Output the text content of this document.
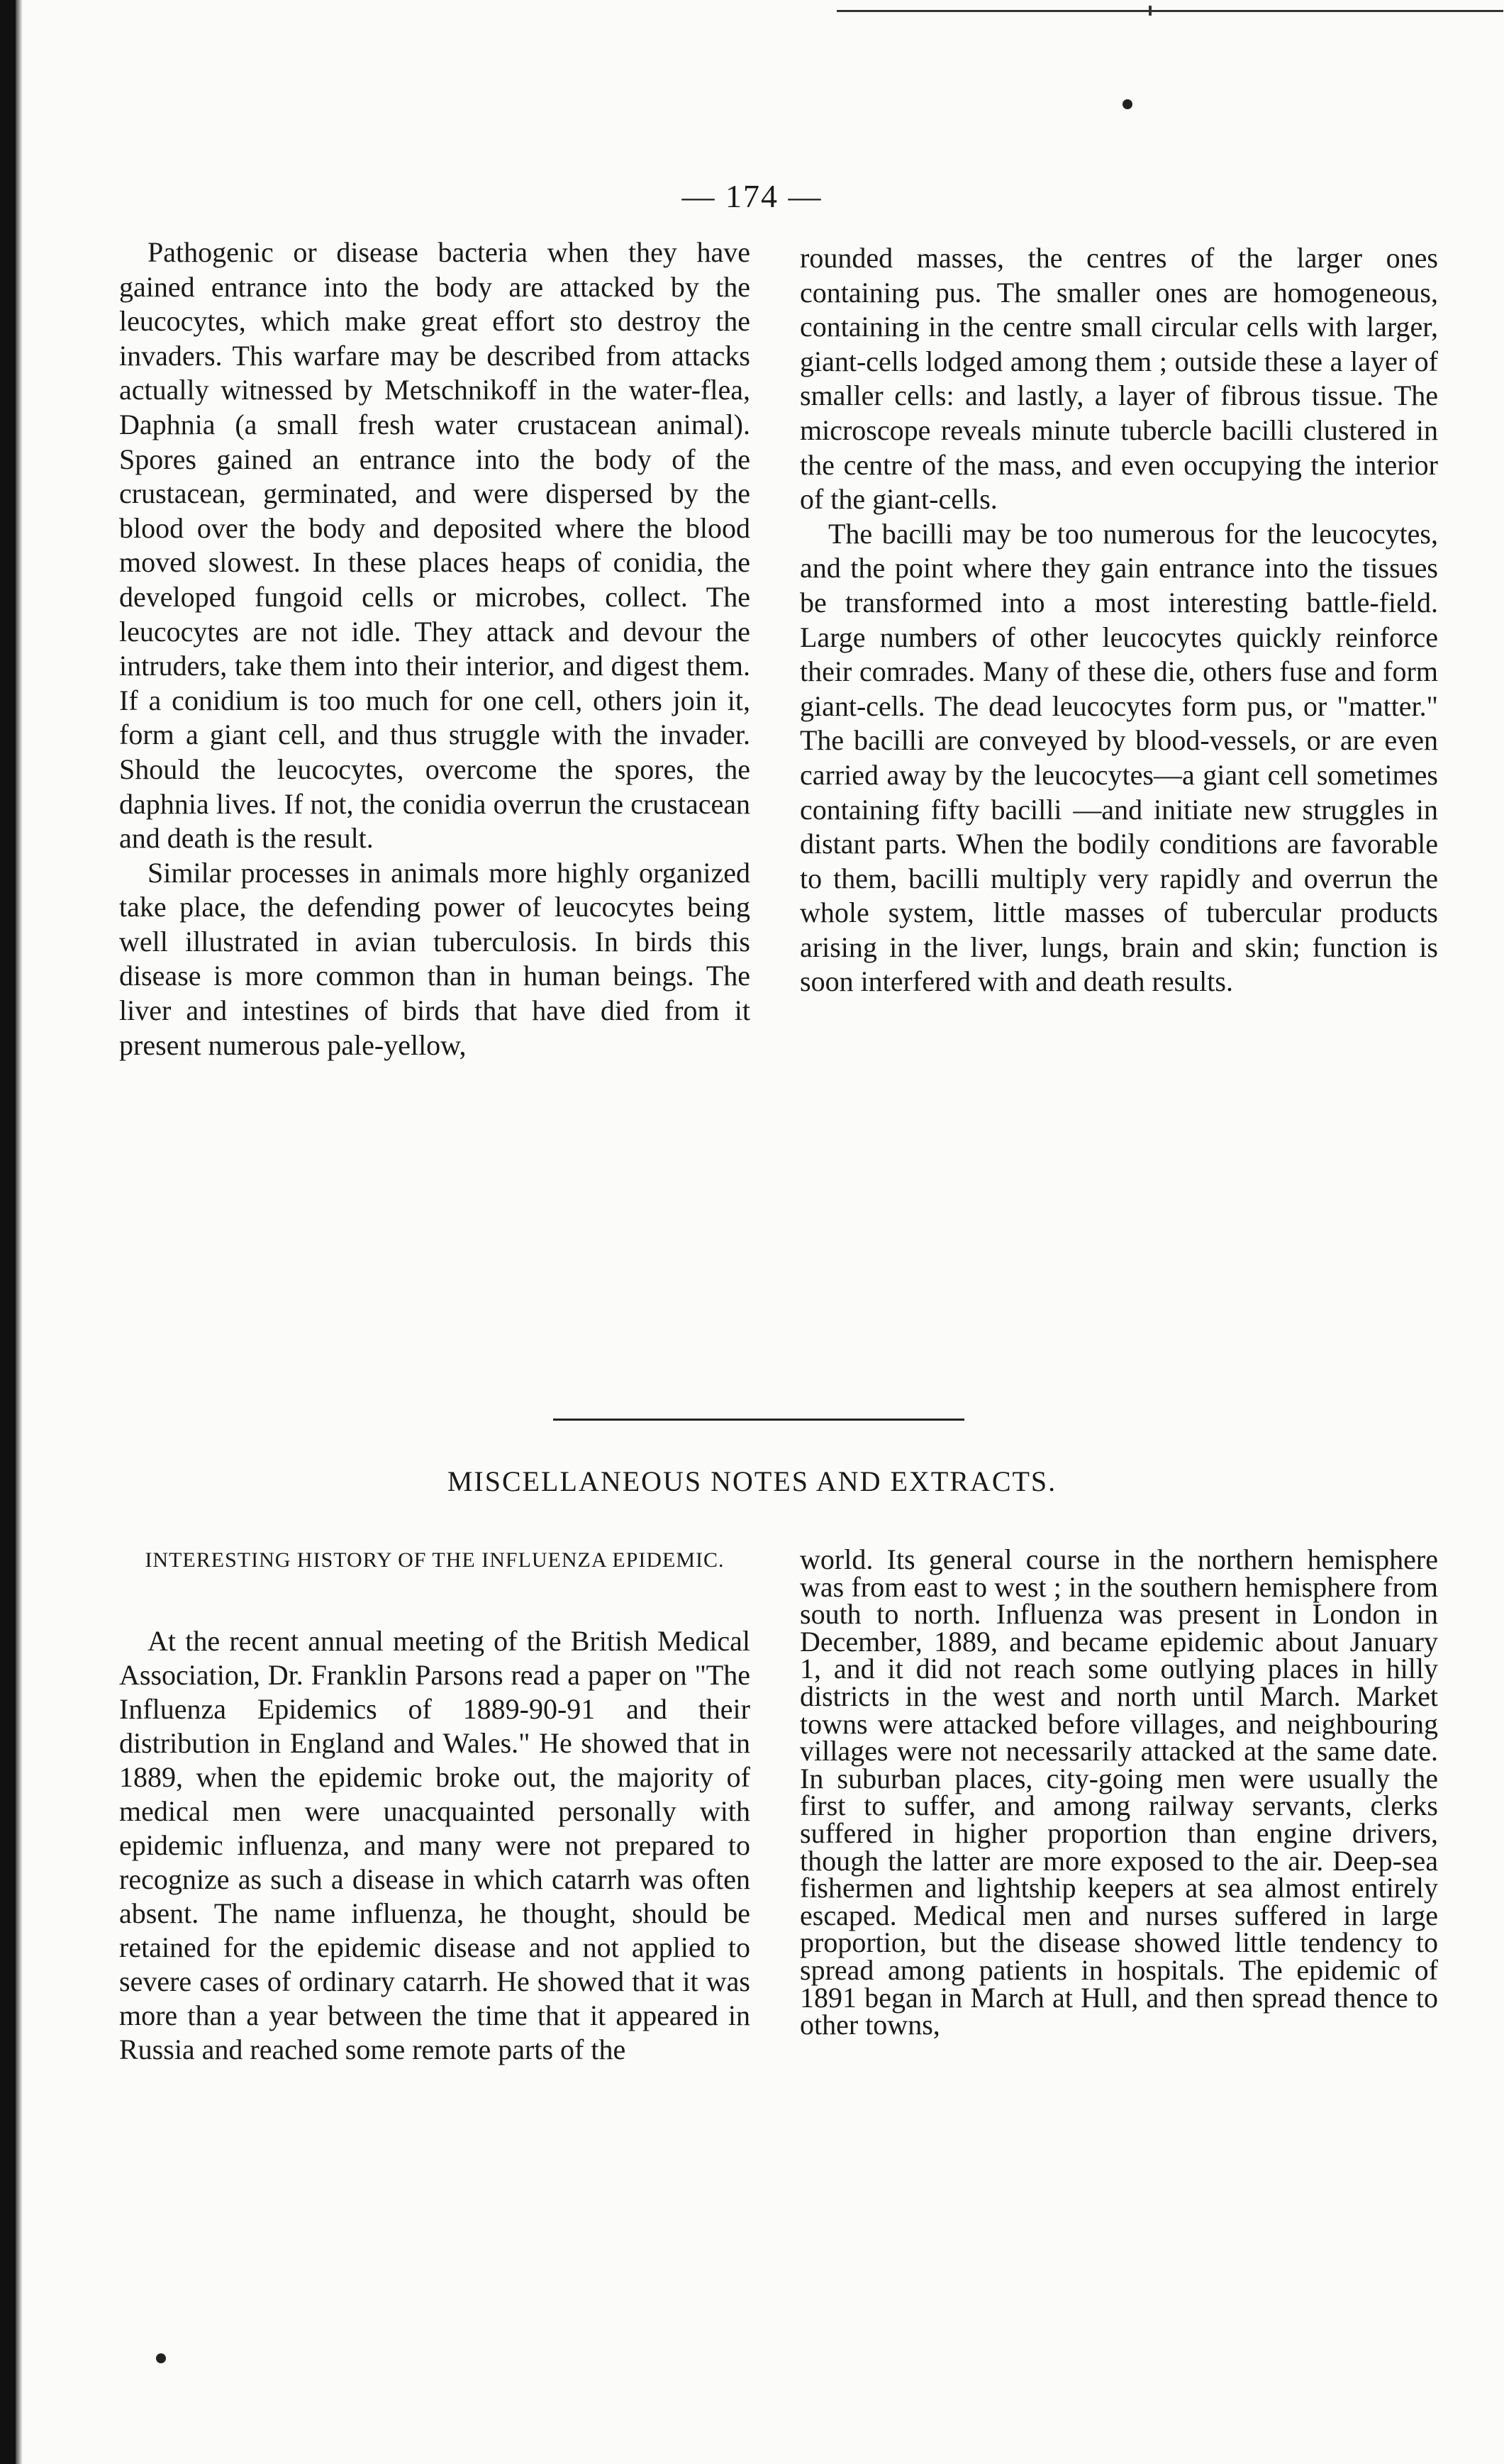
— 174 —

Pathogenic or disease bacteria when they have gained entrance into the body are attacked by the leucocytes, which make great effort sto destroy the invaders. This warfare may be described from attacks actually witnessed by Metschnikoff in the water-flea, Daphnia (a small fresh water crustacean animal). Spores gained an entrance into the body of the crustacean, germinated, and were dispersed by the blood over the body and deposited where the blood moved slowest. In these places heaps of conidia, the developed fungoid cells or microbes, collect. The leucocytes are not idle. They attack and devour the intruders, take them into their interior, and digest them. If a conidium is too much for one cell, others join it, form a giant cell, and thus struggle with the invader. Should the leucocytes, overcome the spores, the daphnia lives. If not, the conidia overrun the crustacean and death is the result.

Similar processes in animals more highly organized take place, the defending power of leucocytes being well illustrated in avian tuberculosis. In birds this disease is more common than in human beings. The liver and intestines of birds that have died from it present numerous pale-yellow,

rounded masses, the centres of the larger ones containing pus. The smaller ones are homogeneous, containing in the centre small circular cells with larger, giant-cells lodged among them ; outside these a layer of smaller cells: and lastly, a layer of fibrous tissue. The microscope reveals minute tubercle bacilli clustered in the centre of the mass, and even occupying the interior of the giant-cells.

The bacilli may be too numerous for the leucocytes, and the point where they gain entrance into the tissues be transformed into a most interesting battle-field. Large numbers of other leucocytes quickly reinforce their comrades. Many of these die, others fuse and form giant-cells. The dead leucocytes form pus, or "matter." The bacilli are conveyed by blood-vessels, or are even carried away by the leucocytes—a giant cell sometimes containing fifty bacilli —and initiate new struggles in distant parts. When the bodily conditions are favorable to them, bacilli multiply very rapidly and overrun the whole system, little masses of tubercular products arising in the liver, lungs, brain and skin; function is soon interfered with and death results.

MISCELLANEOUS NOTES AND EXTRACTS.
INTERESTING HISTORY OF THE INFLUENZA EPIDEMIC.

At the recent annual meeting of the British Medical Association, Dr. Franklin Parsons read a paper on "The Influenza Epidemics of 1889-90-91 and their distribution in England and Wales." He showed that in 1889, when the epidemic broke out, the majority of medical men were unacquainted personally with epidemic influenza, and many were not prepared to recognize as such a disease in which catarrh was often absent. The name influenza, he thought, should be retained for the epidemic disease and not applied to severe cases of ordinary catarrh. He showed that it was more than a year between the time that it appeared in Russia and reached some remote parts of the

world. Its general course in the northern hemisphere was from east to west ; in the southern hemisphere from south to north. Influenza was present in London in December, 1889, and became epidemic about January 1, and it did not reach some outlying places in hilly districts in the west and north until March. Market towns were attacked before villages, and neighbouring villages were not necessarily attacked at the same date. In suburban places, city-going men were usually the first to suffer, and among railway servants, clerks suffered in higher proportion than engine drivers, though the latter are more exposed to the air. Deep-sea fishermen and lightship keepers at sea almost entirely escaped. Medical men and nurses suffered in large proportion, but the disease showed little tendency to spread among patients in hospitals. The epidemic of 1891 began in March at Hull, and then spread thence to other towns,
